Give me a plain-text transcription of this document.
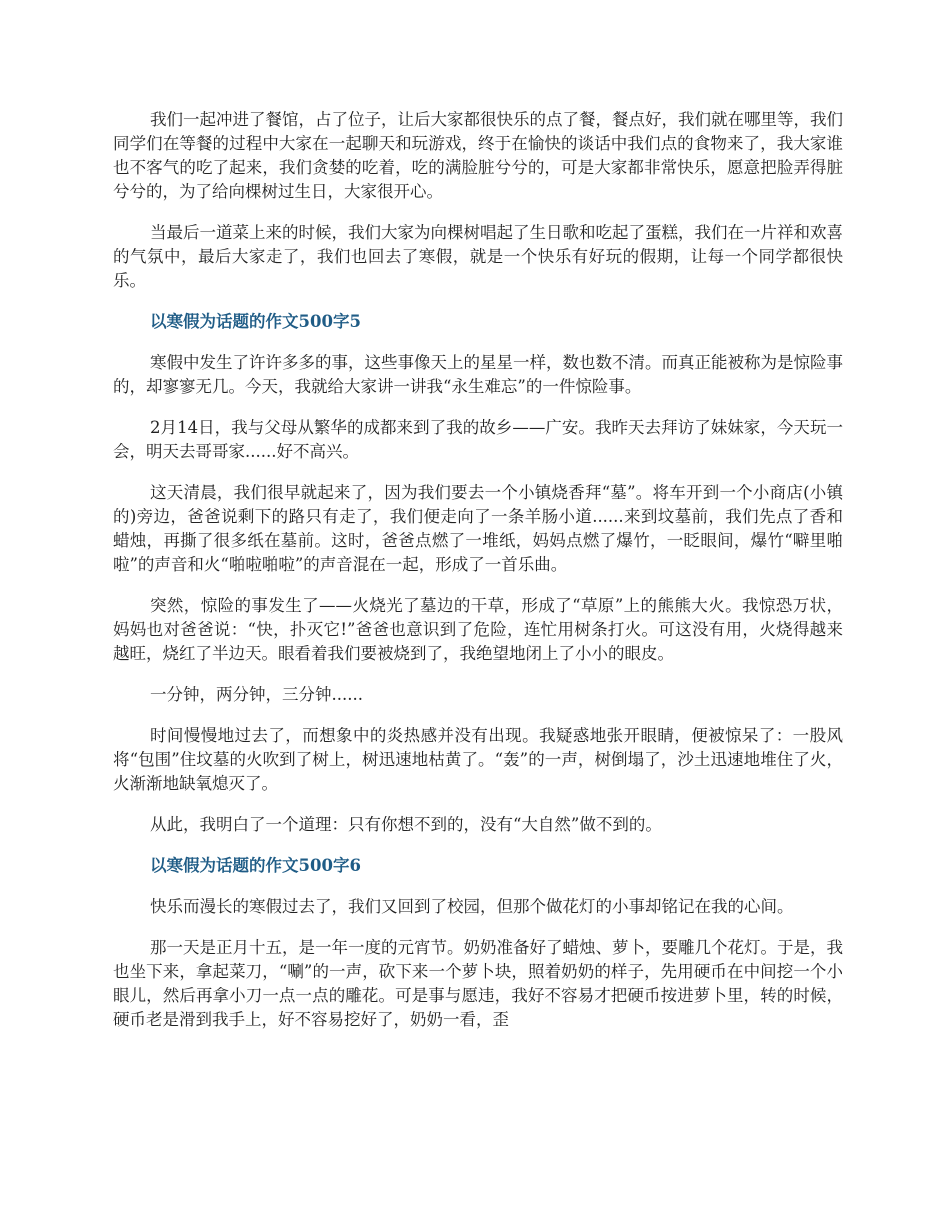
我们一起冲进了餐馆，占了位子，让后大家都很快乐的点了餐，餐点好，我们就在哪里等，我们同学们在等餐的过程中大家在一起聊天和玩游戏，终于在愉快的谈话中我们点的食物来了，我大家谁也不客气的吃了起来，我们贪婪的吃着，吃的满脸脏兮兮的，可是大家都非常快乐，愿意把脸弄得脏兮兮的，为了给向棵树过生日，大家很开心。

当最后一道菜上来的时候，我们大家为向棵树唱起了生日歌和吃起了蛋糕，我们在一片祥和欢喜的气氛中，最后大家走了，我们也回去了寒假，就是一个快乐有好玩的假期，让每一个同学都很快乐。

以寒假为话题的作文500字5

寒假中发生了许许多多的事，这些事像天上的星星一样，数也数不清。而真正能被称为是惊险事的，却寥寥无几。今天，我就给大家讲一讲我“永生难忘”的一件惊险事。

2月14日，我与父母从繁华的成都来到了我的故乡——广安。我昨天去拜访了妹妹家，今天玩一会，明天去哥哥家......好不高兴。

这天清晨，我们很早就起来了，因为我们要去一个小镇烧香拜“墓”。将车开到一个小商店(小镇的)旁边，爸爸说剩下的路只有走了，我们便走向了一条羊肠小道......来到坟墓前，我们先点了香和蜡烛，再撕了很多纸在墓前。这时，爸爸点燃了一堆纸，妈妈点燃了爆竹，一眨眼间，爆竹“噼里啪啦”的声音和火“啪啦啪啦”的声音混在一起，形成了一首乐曲。

突然，惊险的事发生了——火烧光了墓边的干草，形成了“草原”上的熊熊大火。我惊恐万状，妈妈也对爸爸说：“快，扑灭它!”爸爸也意识到了危险，连忙用树条打火。可这没有用，火烧得越来越旺，烧红了半边天。眼看着我们要被烧到了，我绝望地闭上了小小的眼皮。

一分钟，两分钟，三分钟......

时间慢慢地过去了，而想象中的炎热感并没有出现。我疑惑地张开眼睛，便被惊呆了：一股风将“包围”住坟墓的火吹到了树上，树迅速地枯黄了。“轰”的一声，树倒塌了，沙土迅速地堆住了火，火渐渐地缺氧熄灭了。

从此，我明白了一个道理：只有你想不到的，没有“大自然”做不到的。

以寒假为话题的作文500字6

快乐而漫长的寒假过去了，我们又回到了校园，但那个做花灯的小事却铭记在我的心间。

那一天是正月十五，是一年一度的元宵节。奶奶准备好了蜡烛、萝卜，要雕几个花灯。于是，我也坐下来，拿起菜刀，“唰”的一声，砍下来一个萝卜块，照着奶奶的样子，先用硬币在中间挖一个小眼儿，然后再拿小刀一点一点的雕花。可是事与愿违，我好不容易才把硬币按进萝卜里，转的时候，硬币老是滑到我手上，好不容易挖好了，奶奶一看，歪
